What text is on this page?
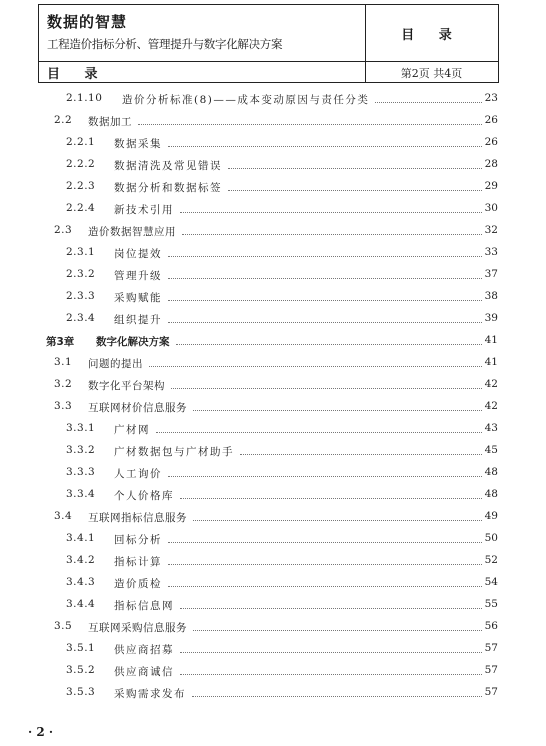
数据的智慧
工程造价指标分析、管理提升与数字化解决方案
目 录
目 录	第2页 共4页
2.1.10 造价分析标准(8)——成本变动原因与责任分类	23
2.2 数据加工	26
2.2.1 数据采集	26
2.2.2 数据清洗及常见错误	28
2.2.3 数据分析和数据标签	29
2.2.4 新技术引用	30
2.3 造价数据智慧应用	32
2.3.1 岗位提效	33
2.3.2 管理升级	37
2.3.3 采购赋能	38
2.3.4 组织提升	39
第3章 数字化解决方案	41
3.1 问题的提出	41
3.2 数字化平台架构	42
3.3 互联网材价信息服务	42
3.3.1 广材网	43
3.3.2 广材数据包与广材助手	45
3.3.3 人工询价	48
3.3.4 个人价格库	48
3.4 互联网指标信息服务	49
3.4.1 回标分析	50
3.4.2 指标计算	52
3.4.3 造价质检	54
3.4.4 指标信息网	55
3.5 互联网采购信息服务	56
3.5.1 供应商招募	57
3.5.2 供应商诚信	57
3.5.3 采购需求发布	57
· 2 ·
